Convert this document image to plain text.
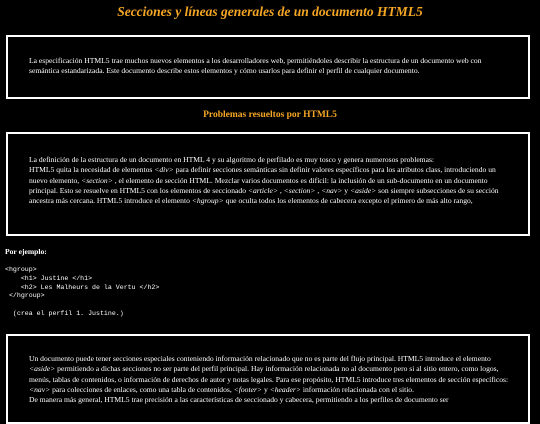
Secciones y líneas generales de un documento HTML5

La especificación HTML5 trae muchos nuevos elementos a los desarrolladores web, permitiéndoles describir la estructura de un documento web con semántica estandarizada. Este documento describe estos elementos y cómo usarlos para definir el perfil de cualquier documento.

Problemas resueltos por HTML5

La definición de la estructura de un documento en HTML 4 y su algoritmo de perfilado es muy tosco y genera numerosos problemas:

HTML5 quita la necesidad de elementos <div> para definir secciones semánticas sin definir valores específicos para los atributos class, introduciendo un nuevo elemento, <section> , el elemento de sección HTML. Mezclar varios documentos es difícil: la inclusión de un sub-documento en un documento principal. Esto se resuelve en HTML5 con los elementos de seccionado <article> , <section> , <nav> y <aside> son siempre subsecciones de su sección ancestra más cercana. HTML5 introduce el elemento <hgroup> que oculta todos los elementos de cabecera excepto el primero de más alto rango,

Por ejemplo:
<hgroup>
<h1> Justine </h1>
<h2> Les Malheurs de la Vertu </h2>
</hgroup>

(crea el perfil 1. Justine.)

Un documento puede tener secciones especiales conteniendo información relacionado que no es parte del flujo principal. HTML5 introduce el elemento <aside> permitiendo a dichas secciones no ser parte del perfil principal. Hay información relacionada no al documento pero si al sitio entero, como logos, menús, tablas de contenidos, o información de derechos de autor y notas legales. Para ese propósito, HTML5 introduce tres elementos de sección específicos: <nav> para colecciones de enlaces, como una tabla de contenidos, <footer> y <header> información relacionada con el sitio.

De manera más general, HTML5 trae precisión a las características de seccionado y cabecera, permitiendo a los perfiles de documento ser
